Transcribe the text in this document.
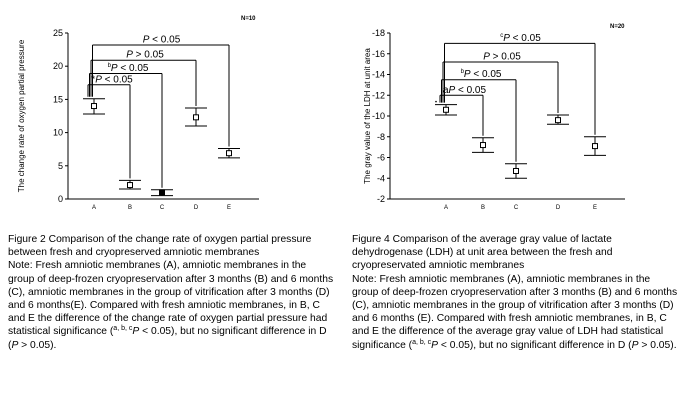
0
5
10
15
20
25
A	B	C	D	E
The change rate of oxygen partial pressure
N=10
*P < 0.05
$^b$P < 0.05
P > 0.05
P < 0.05

Figure 2 Comparison of the change rate of oxygen partial pressure between fresh and cryopreserved amniotic membranes

Note: Fresh amniotic membranes (A), amniotic membranes in the group of deep-frozen cryopreservation after 3 months (B) and 6 months (C), amniotic membranes in the group of vitrification after 3 months (D) and 6 months(E). Compared with fresh amniotic membranes, in B, C and E the difference of the change rate of oxygen partial pressure had statistical significance ($^{a, b, c}$P < 0.05), but no significant difference in D (P > 0.05).

-2
-4
-6
-8
-10
-12
-14
-16
-18
A	B	C	D	E
The gray value of the LDH at unit area
N=20
aP < 0.05
$^b$P < 0.05
P > 0.05
$^c$P < 0.05

Figure 4 Comparison of the average gray value of lactate dehydrogenase (LDH) at unit area between the fresh and cryopreservated amniotic membranes

Note: Fresh amniotic membranes (A), amniotic membranes in the group of deep-frozen cryopreservation after 3 months (B) and 6 months (C), amniotic membranes in the group of vitrification after 3 months (D) and 6 months (E). Compared with fresh amniotic membranes, in B, C and E the difference of the average gray value of LDH had statistical significance ($^{a, b, c}$P < 0.05), but no significant difference in D (P > 0.05).
